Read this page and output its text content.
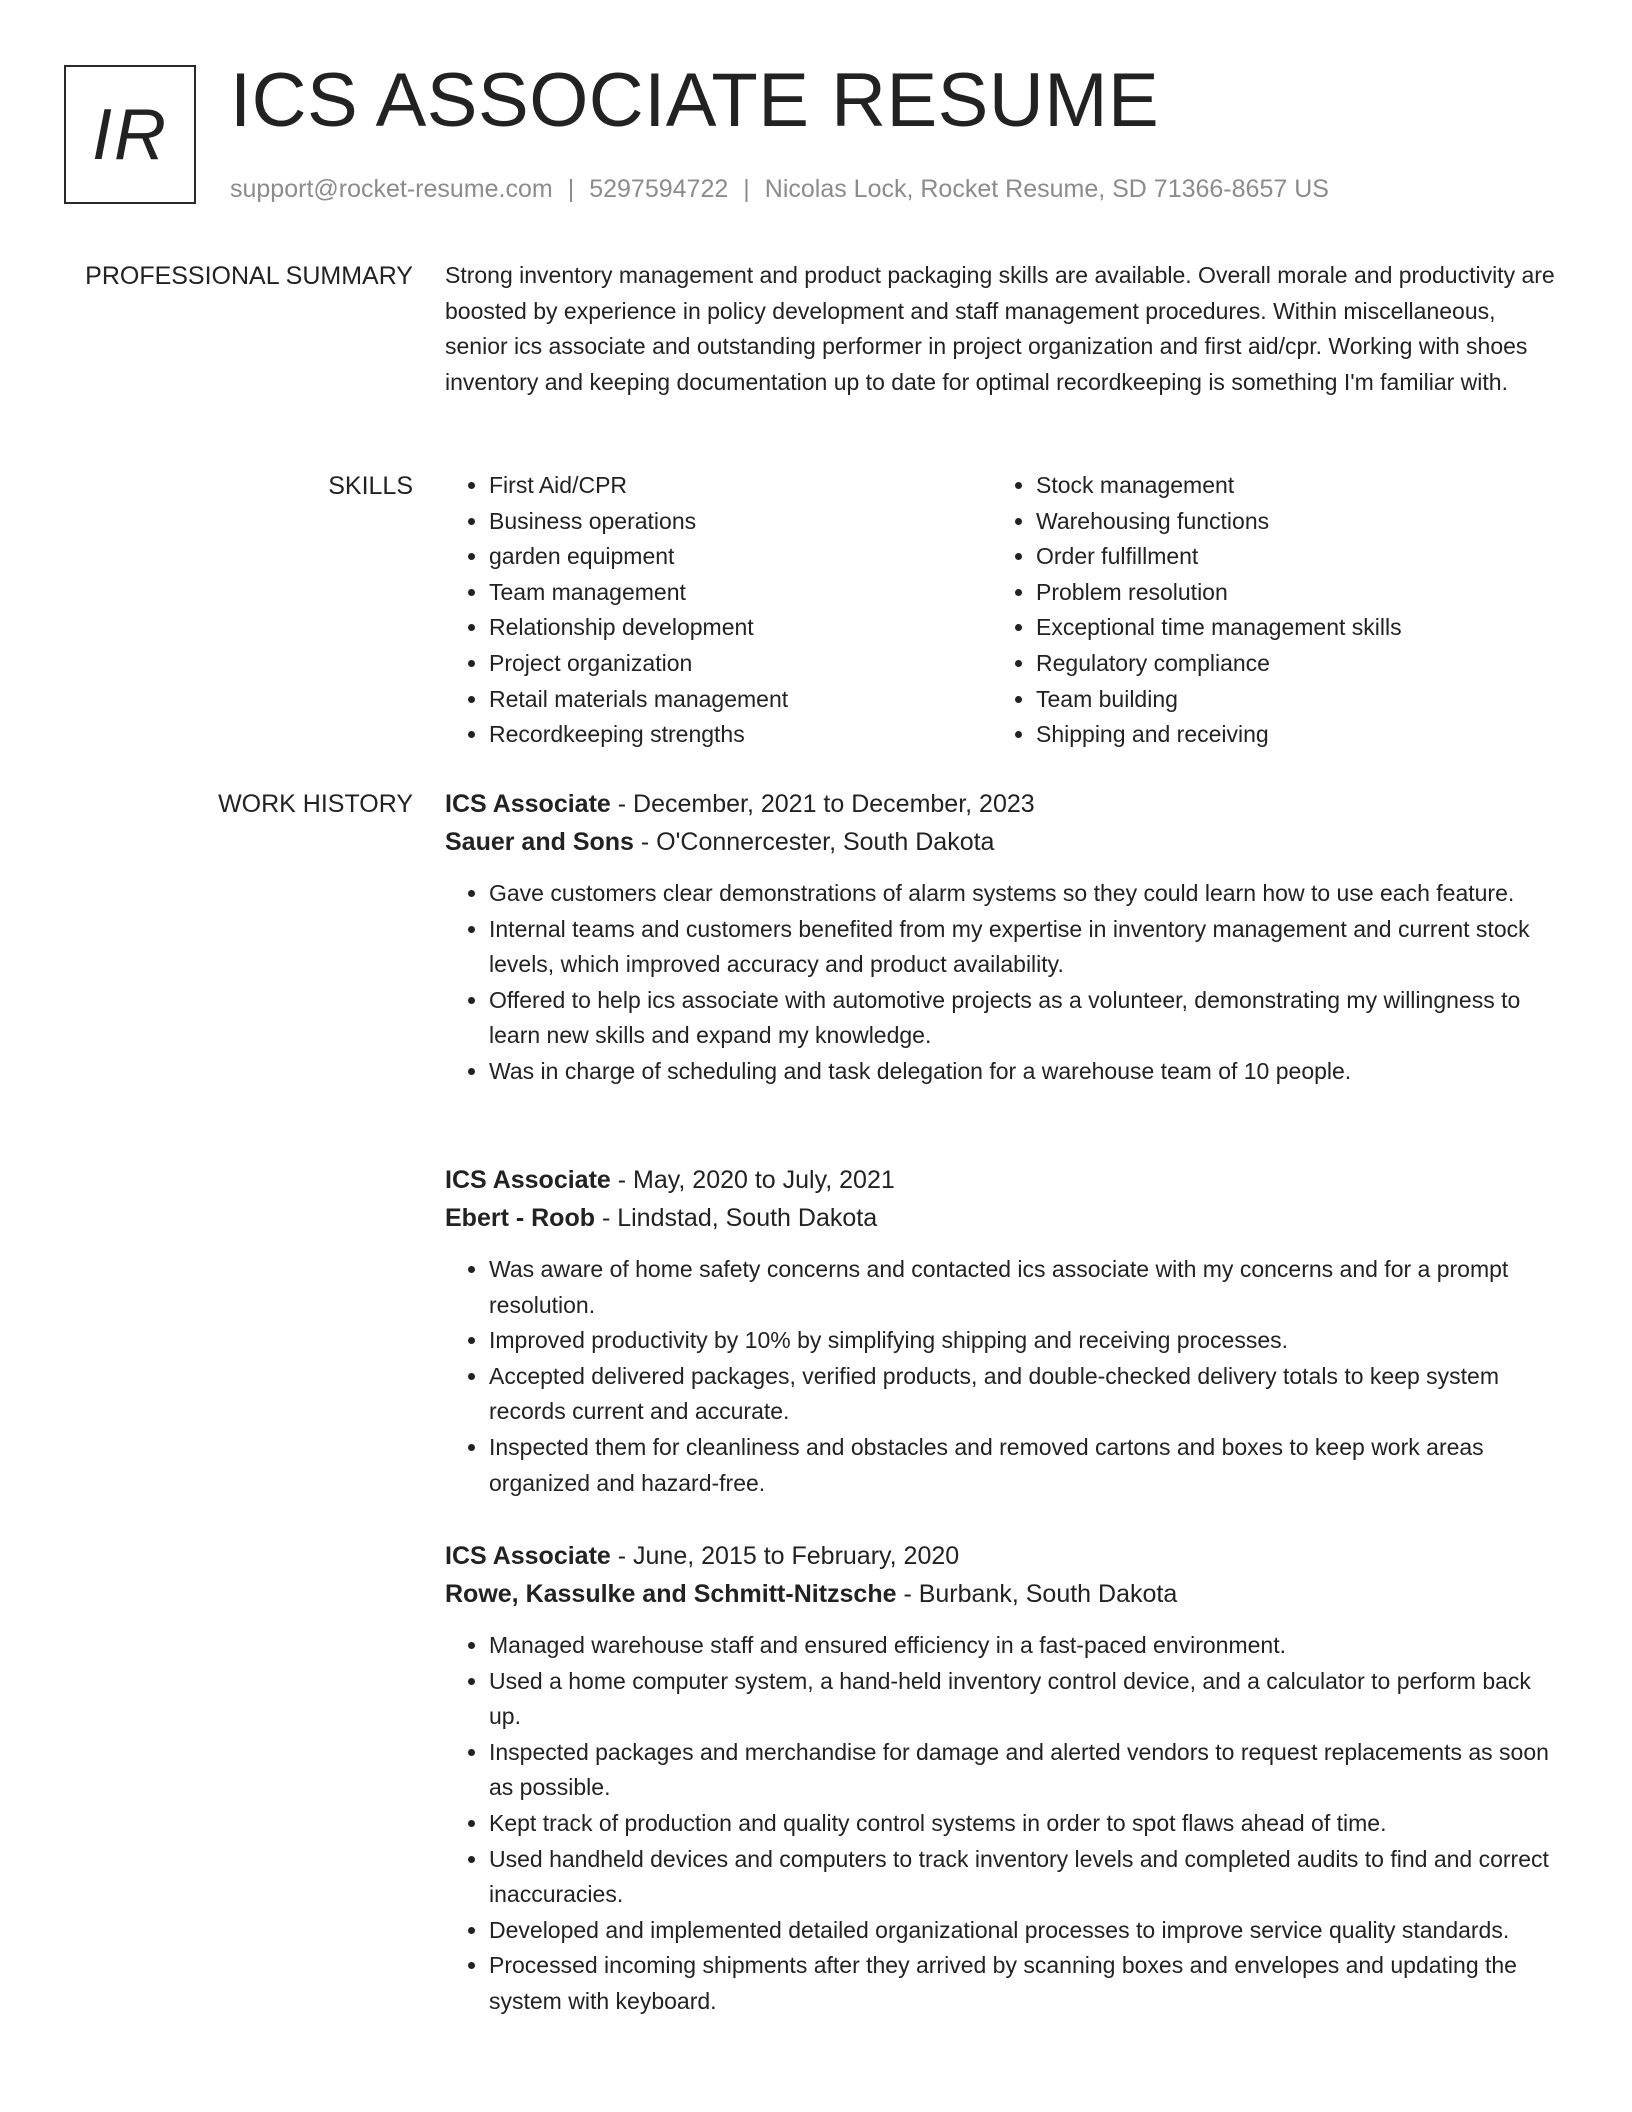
IR ICS ASSOCIATE RESUME
support@rocket-resume.com | 5297594722 | Nicolas Lock, Rocket Resume, SD 71366-8657 US
PROFESSIONAL SUMMARY Strong inventory management and product packaging skills are available. Overall morale and productivity are boosted by experience in policy development and staff management procedures. Within miscellaneous, senior ics associate and outstanding performer in project organization and first aid/cpr. Working with shoes inventory and keeping documentation up to date for optimal recordkeeping is something I'm familiar with.

SKILLS
•	First Aid/CPR
• Business operations
• garden equipment
• Team management
• Relationship development
• Project organization
• Retail materials management
• Recordkeeping strengths
• Stock management
• Warehousing functions
• Order fulfillment
• Problem resolution
• Exceptional time management skills
• Regulatory compliance
• Team building
• Shipping and receiving
WORK HISTORY ICS Associate - December, 2021 to December, 2023
Sauer and Sons - O'Connercester, South Dakota
• Gave customers clear demonstrations of alarm systems so they could learn how to use each feature.
• Internal teams and customers benefited from my expertise in inventory management and current stock levels, which improved accuracy and product availability.
• Offered to help ics associate with automotive projects as a volunteer, demonstrating my willingness to learn new skills and expand my knowledge.
• Was in charge of scheduling and task delegation for a warehouse team of 10 people.
ICS Associate - May, 2020 to July, 2021
Ebert - Roob - Lindstad, South Dakota
• Was aware of home safety concerns and contacted ics associate with my concerns and for a prompt resolution.
• Improved productivity by 10% by simplifying shipping and receiving processes.
• Accepted delivered packages, verified products, and double-checked delivery totals to keep system records current and accurate.
• Inspected them for cleanliness and obstacles and removed cartons and boxes to keep work areas organized and hazard-free.
ICS Associate - June, 2015 to February, 2020
Rowe, Kassulke and Schmitt-Nitzsche - Burbank, South Dakota
• Managed warehouse staff and ensured efficiency in a fast-paced environment.
• Used a home computer system, a hand-held inventory control device, and a calculator to perform back up.
• Inspected packages and merchandise for damage and alerted vendors to request replacements as soon as possible.
• Kept track of production and quality control systems in order to spot flaws ahead of time.
• Used handheld devices and computers to track inventory levels and completed audits to find and correct inaccuracies.
• Developed and implemented detailed organizational processes to improve service quality standards.
• Processed incoming shipments after they arrived by scanning boxes and envelopes and updating the system with keyboard.
